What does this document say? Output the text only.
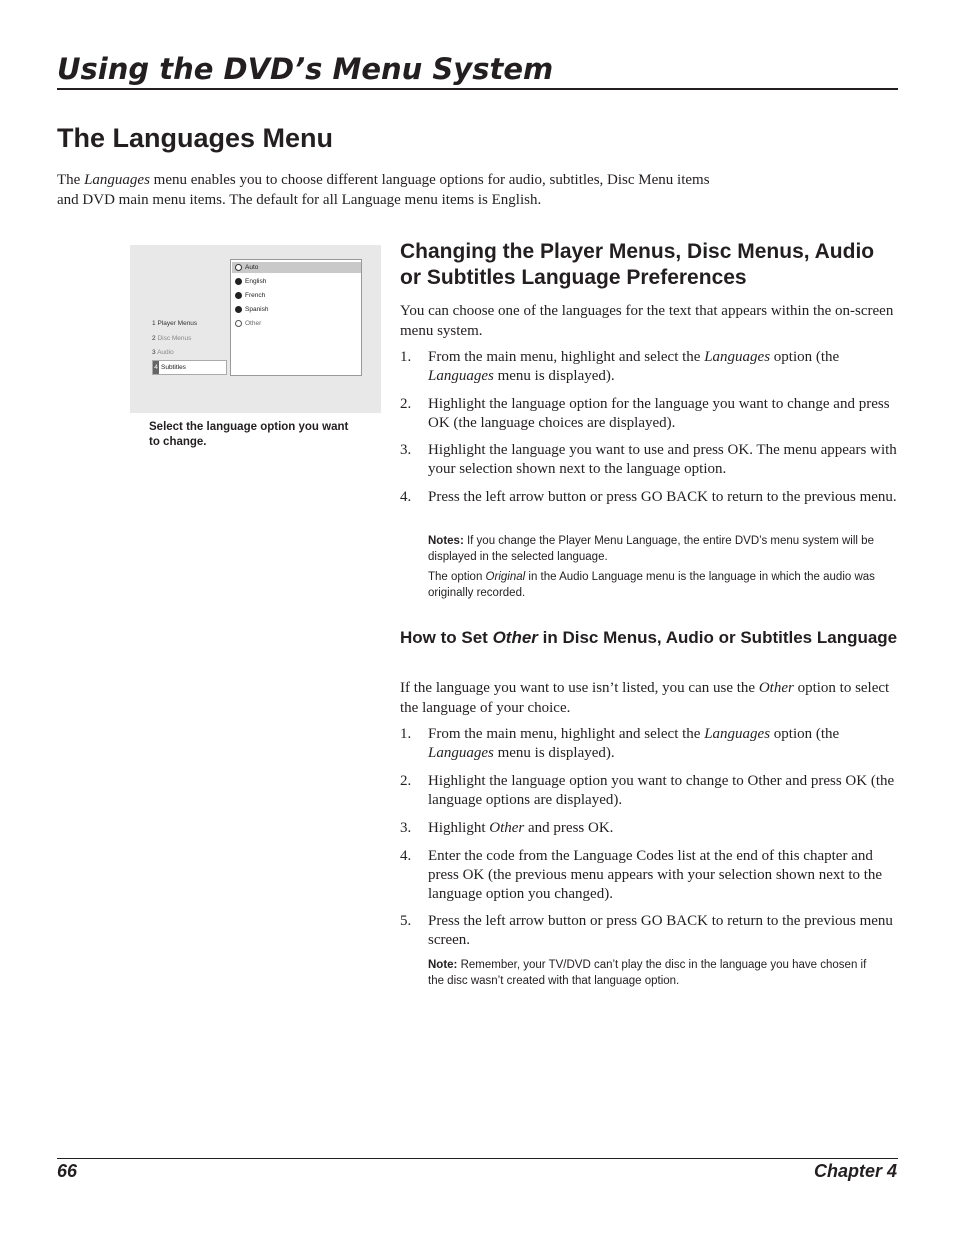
Using the DVD’s Menu System
The Languages Menu
The Languages menu enables you to choose different language options for audio, subtitles, Disc Menu items and DVD main menu items. The default for all Language menu items is English.
1 Player Menus
2 Disc Menus
3 Audio
4 Subtitles
Auto
English
French
Spanish
Other
Select the language option you want to change.
Changing the Player Menus, Disc Menus, Audio or Subtitles Language Preferences
You can choose one of the languages for the text that appears within the on-screen menu system.
1. From the main menu, highlight and select the Languages option (the Languages menu is displayed).
2. Highlight the language option for the language you want to change and press OK (the language choices are displayed).
3. Highlight the language you want to use and press OK. The menu appears with your selection shown next to the language option.
4. Press the left arrow button or press GO BACK to return to the previous menu.
Notes: If you change the Player Menu Language, the entire DVD’s menu system will be displayed in the selected language.
The option Original in the Audio Language menu is the language in which the audio was originally recorded.
How to Set Other in Disc Menus, Audio or Subtitles Language
If the language you want to use isn’t listed, you can use the Other option to select the language of your choice.
1. From the main menu, highlight and select the Languages option (the Languages menu is displayed).
2. Highlight the language option you want to change to Other and press OK (the language options are displayed).
3. Highlight Other and press OK.
4. Enter the code from the Language Codes list at the end of this chapter and press OK (the previous menu appears with your selection shown next to the language option you changed).
5. Press the left arrow button or press GO BACK to return to the previous menu screen.
Note: Remember, your TV/DVD can’t play the disc in the language you have chosen if the disc wasn’t created with that language option.
66	Chapter 4
